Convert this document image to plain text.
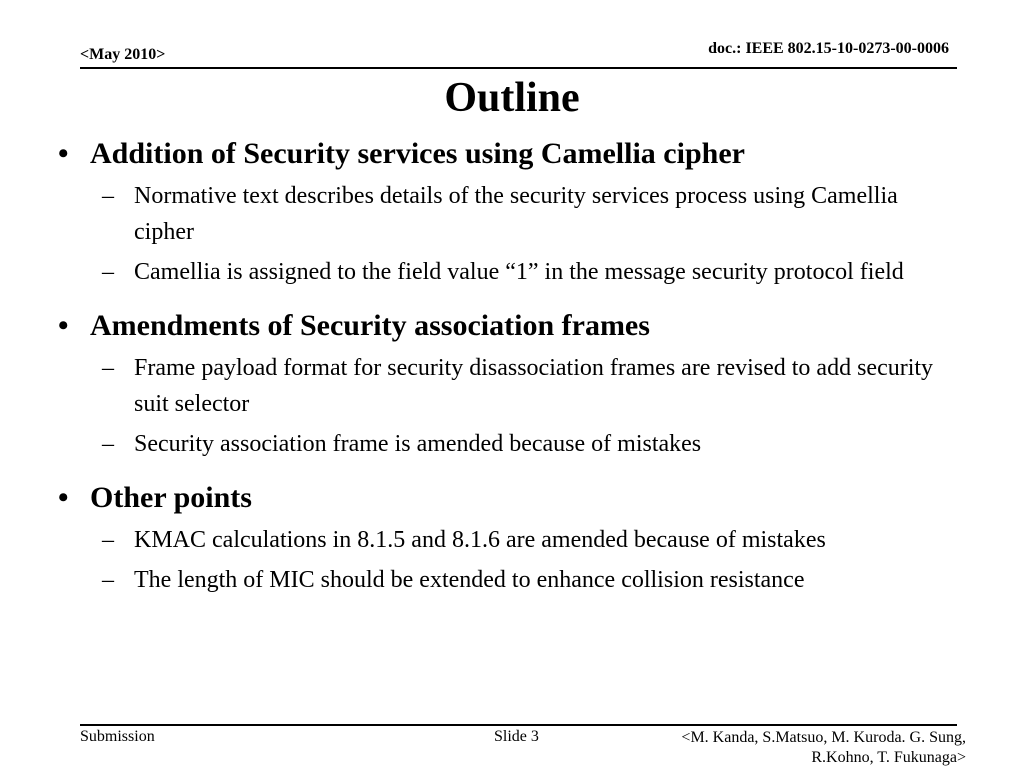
<May 2010>	doc.: IEEE 802.15-10-0273-00-0006
Outline
• Addition of Security services using Camellia cipher
– Normative text describes details of the security services process using Camellia cipher
– Camellia is assigned to the field value “1” in the message security protocol field
• Amendments of Security association frames
– Frame payload format for security disassociation frames are revised to add security suit selector
– Security association frame is amended because of mistakes
• Other points
– KMAC calculations in 8.1.5 and 8.1.6 are amended because of mistakes
– The length of MIC should be extended to enhance collision resistance
Submission	Slide 3	<M. Kanda, S.Matsuo, M. Kuroda. G. Sung, R.Kohno, T. Fukunaga>
